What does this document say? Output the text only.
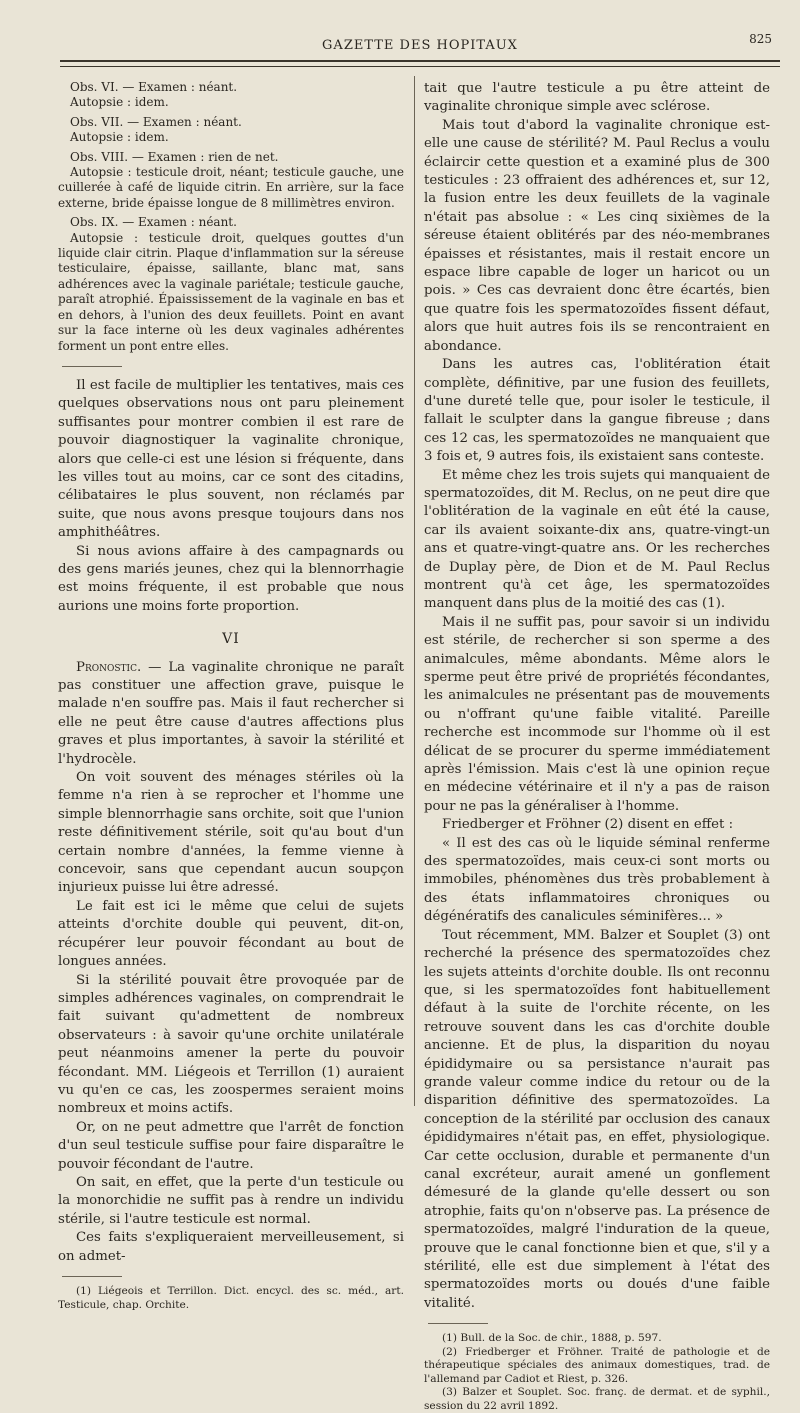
GAZETTE DES HOPITAUX	825

Obs. VI. — Examen : néant.

Autopsie : idem.

Obs. VII. — Examen : néant.

Autopsie : idem.

Obs. VIII. — Examen : rien de net.

Autopsie : testicule droit, néant; testicule gauche, une cuillerée à café de liquide citrin. En arrière, sur la face externe, bride épaisse longue de 8 millimètres environ.

Obs. IX. — Examen : néant.

Autopsie : testicule droit, quelques gouttes d'un liquide clair citrin. Plaque d'inflammation sur la séreuse testiculaire, épaisse, saillante, blanc mat, sans adhérences avec la vaginale pariétale; testicule gauche, paraît atrophié. Épaississement de la vaginale en bas et en dehors, à l'union des deux feuillets. Point en avant sur la face interne où les deux vaginales adhérentes forment un pont entre elles.

Il est facile de multiplier les tentatives, mais ces quelques observations nous ont paru pleinement suffisantes pour montrer combien il est rare de pouvoir diagnostiquer la vaginalite chronique, alors que celle-ci est une lésion si fréquente, dans les villes tout au moins, car ce sont des citadins, célibataires le plus souvent, non réclamés par suite, que nous avons presque toujours dans nos amphithéâtres.

Si nous avions affaire à des campagnards ou des gens mariés jeunes, chez qui la blennorrhagie est moins fréquente, il est probable que nous aurions une moins forte proportion.

VI

Pronostic. — La vaginalite chronique ne paraît pas constituer une affection grave, puisque le malade n'en souffre pas. Mais il faut rechercher si elle ne peut être cause d'autres affections plus graves et plus importantes, à savoir la stérilité et l'hydrocèle.

On voit souvent des ménages stériles où la femme n'a rien à se reprocher et l'homme une simple blennorrhagie sans orchite, soit que l'union reste définitivement stérile, soit qu'au bout d'un certain nombre d'années, la femme vienne à concevoir, sans que cependant aucun soupçon injurieux puisse lui être adressé.

Le fait est ici le même que celui de sujets atteints d'orchite double qui peuvent, dit-on, récupérer leur pouvoir fécondant au bout de longues années.

Si la stérilité pouvait être provoquée par de simples adhérences vaginales, on comprendrait le fait suivant qu'admettent de nombreux observateurs : à savoir qu'une orchite unilatérale peut néanmoins amener la perte du pouvoir fécondant. MM. Liégeois et Terrillon (1) auraient vu qu'en ce cas, les zoospermes seraient moins nombreux et moins actifs.

Or, on ne peut admettre que l'arrêt de fonction d'un seul testicule suffise pour faire disparaître le pouvoir fécondant de l'autre.

On sait, en effet, que la perte d'un testicule ou la monorchidie ne suffit pas à rendre un individu stérile, si l'autre testicule est normal.

Ces faits s'expliqueraient merveilleusement, si on admet-

(1) Liégeois et Terrillon. Dict. encycl. des sc. méd., art. Testicule, chap. Orchite.

tait que l'autre testicule a pu être atteint de vaginalite chronique simple avec sclérose.

Mais tout d'abord la vaginalite chronique est-elle une cause de stérilité? M. Paul Reclus a voulu éclaircir cette question et a examiné plus de 300 testicules : 23 offraient des adhérences et, sur 12, la fusion entre les deux feuillets de la vaginale n'était pas absolue : « Les cinq sixièmes de la séreuse étaient oblitérés par des néo-membranes épaisses et résistantes, mais il restait encore un espace libre capable de loger un haricot ou un pois. » Ces cas devraient donc être écartés, bien que quatre fois les spermatozoïdes fissent défaut, alors que huit autres fois ils se rencontraient en abondance.

Dans les autres cas, l'oblitération était complète, définitive, par une fusion des feuillets, d'une dureté telle que, pour isoler le testicule, il fallait le sculpter dans la gangue fibreuse ; dans ces 12 cas, les spermatozoïdes ne manquaient que 3 fois et, 9 autres fois, ils existaient sans conteste.

Et même chez les trois sujets qui manquaient de spermatozoïdes, dit M. Reclus, on ne peut dire que l'oblitération de la vaginale en eût été la cause, car ils avaient soixante-dix ans, quatre-vingt-un ans et quatre-vingt-quatre ans. Or les recherches de Duplay père, de Dion et de M. Paul Reclus montrent qu'à cet âge, les spermatozoïdes manquent dans plus de la moitié des cas (1).

Mais il ne suffit pas, pour savoir si un individu est stérile, de rechercher si son sperme a des animalcules, même abondants. Même alors le sperme peut être privé de propriétés fécondantes, les animalcules ne présentant pas de mouvements ou n'offrant qu'une faible vitalité. Pareille recherche est incommode sur l'homme où il est délicat de se procurer du sperme immédiatement après l'émission. Mais c'est là une opinion reçue en médecine vétérinaire et il n'y a pas de raison pour ne pas la généraliser à l'homme.

Friedberger et Fröhner (2) disent en effet :

« Il est des cas où le liquide séminal renferme des spermatozoïdes, mais ceux-ci sont morts ou immobiles, phénomènes dus très probablement à des états inflammatoires chroniques ou dégénératifs des canalicules séminifères... »

Tout récemment, MM. Balzer et Souplet (3) ont recherché la présence des spermatozoïdes chez les sujets atteints d'orchite double. Ils ont reconnu que, si les spermatozoïdes font habituellement défaut à la suite de l'orchite récente, on les retrouve souvent dans les cas d'orchite double ancienne. Et de plus, la disparition du noyau épididymaire ou sa persistance n'aurait pas grande valeur comme indice du retour ou de la disparition définitive des spermatozoïdes. La conception de la stérilité par occlusion des canaux épididymaires n'était pas, en effet, physiologique. Car cette occlusion, durable et permanente d'un canal excréteur, aurait amené un gonflement démesuré de la glande qu'elle dessert ou son atrophie, faits qu'on n'observe pas. La présence de spermatozoïdes, malgré l'induration de la queue, prouve que le canal fonctionne bien et que, s'il y a stérilité, elle est due simplement à l'état des spermatozoïdes morts ou doués d'une faible vitalité.

(1) Bull. de la Soc. de chir., 1888, p. 597.

(2) Friedberger et Fröhner. Traité de pathologie et de thérapeutique spéciales des animaux domestiques, trad. de l'allemand par Cadiot et Riest, p. 326.

(3) Balzer et Souplet. Soc. franç. de dermat. et de syphil., session du 22 avril 1892.
